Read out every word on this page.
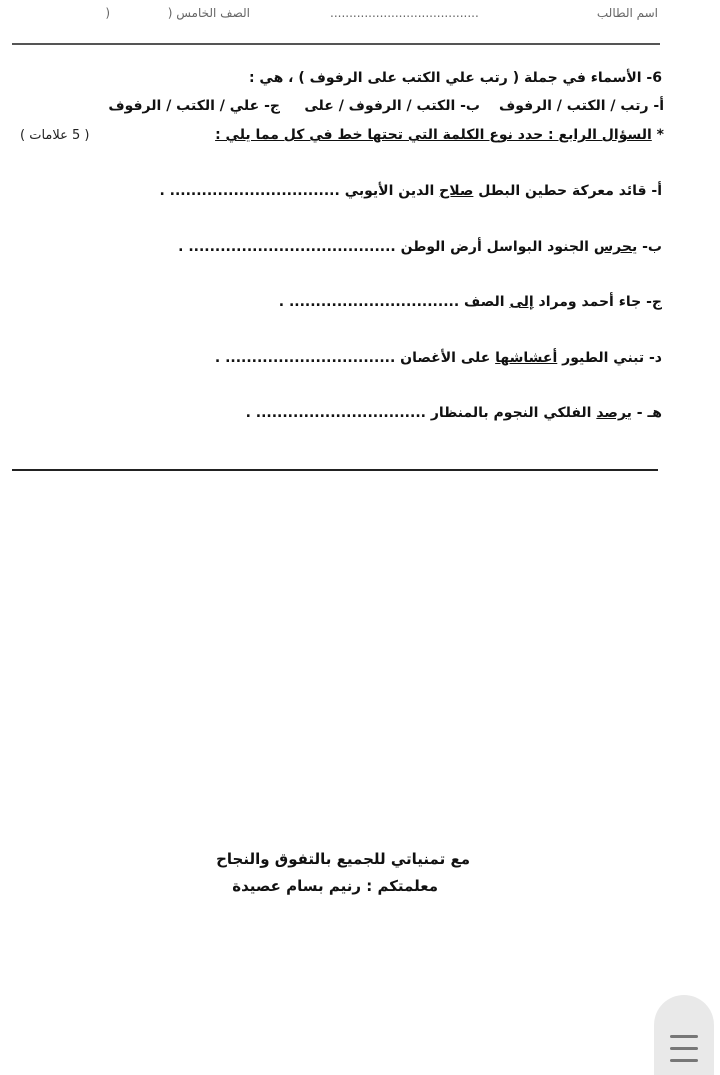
اسم الطالب
.......................................
الصف الخامس (
)
6- الأسماء في جملة ( رتب علي الكتب على الرفوف ) ، هي :
أ- رتب / الكتب / الرفوف
ب- الكتب / الرفوف / على
ج- علي / الكتب / الرفوف
* السؤال الرابع : حدد نوع الكلمة التي تحتها خط في كل مما يلي :
( 5 علامات )
أ- قائد معركة حطين البطل صلاح الدين الأيوبي ................................ .
ب- يحرس الجنود البواسل أرض الوطن ....................................... .
ج- جاء أحمد ومراد إلى الصف ................................ .
د- تبني الطيور أعشاشها على الأغصان ................................ .
هـ - يرصد الفلكي النجوم بالمنظار ................................ .
مع تمنياتي للجميع بالتفوق والنجاح
معلمتكم : رنيم بسام عصيدة
